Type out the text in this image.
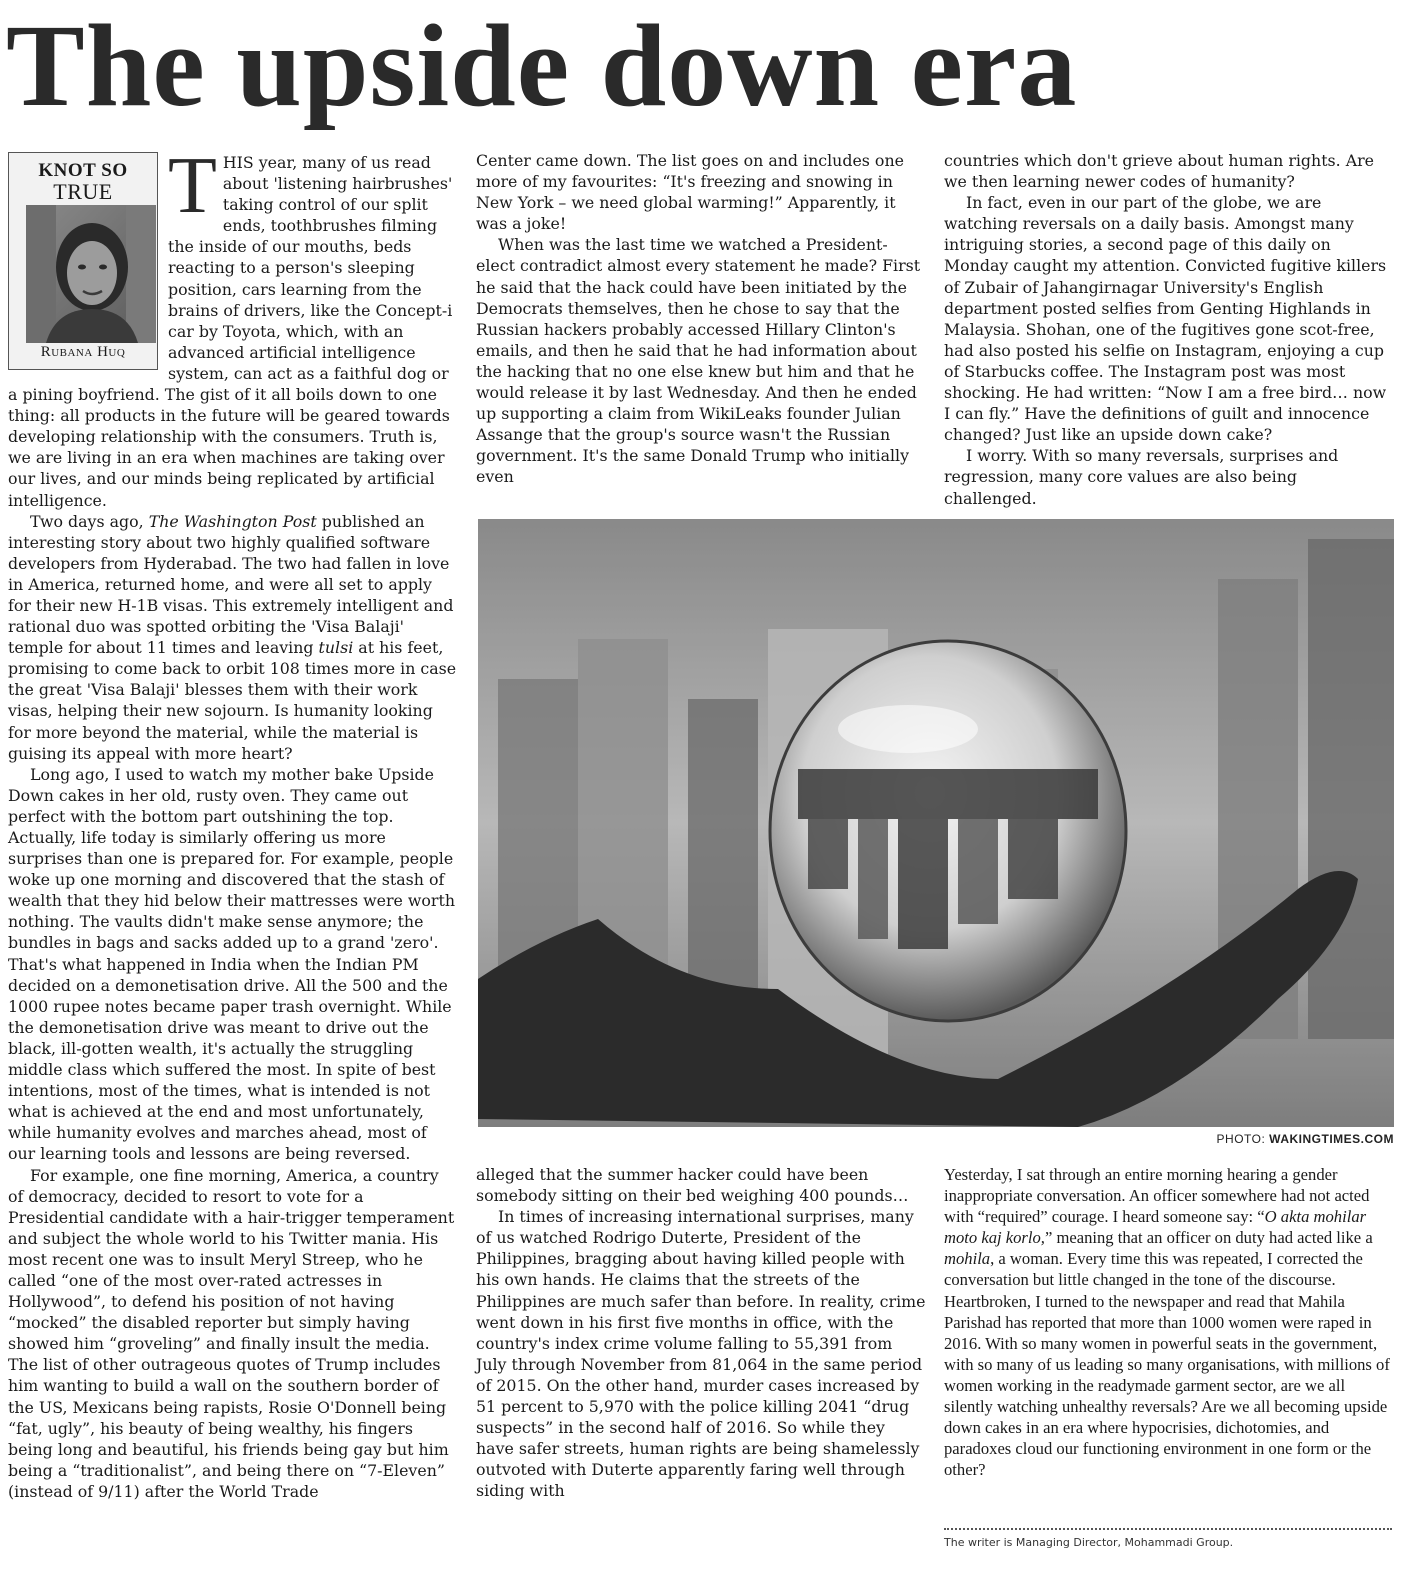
The upside down era
KNOT SO
TRUE
Rubana Huq
T HIS year, many of us read about 'listening hairbrushes' taking control of our split ends, toothbrushes filming the inside of our mouths, beds reacting to a person's sleeping position, cars learning from the brains of drivers, like the Concept-i car by Toyota, which, with an advanced artificial intelligence system, can act as a faithful dog or a pining boyfriend. The gist of it all boils down to one thing: all products in the future will be geared towards developing relationship with the consumers. Truth is, we are living in an era when machines are taking over our lives, and our minds being replicated by artificial intelligence.

Two days ago, The Washington Post published an interesting story about two highly qualified software developers from Hyderabad. The two had fallen in love in America, returned home, and were all set to apply for their new H-1B visas. This extremely intelligent and rational duo was spotted orbiting the 'Visa Balaji' temple for about 11 times and leaving tulsi at his feet, promising to come back to orbit 108 times more in case the great 'Visa Balaji' blesses them with their work visas, helping their new sojourn. Is humanity looking for more beyond the material, while the material is guising its appeal with more heart?

Long ago, I used to watch my mother bake Upside Down cakes in her old, rusty oven. They came out perfect with the bottom part outshining the top. Actually, life today is similarly offering us more surprises than one is prepared for. For example, people woke up one morning and discovered that the stash of wealth that they hid below their mattresses were worth nothing. The vaults didn't make sense anymore; the bundles in bags and sacks added up to a grand 'zero'. That's what happened in India when the Indian PM decided on a demonetisation drive. All the 500 and the 1000 rupee notes became paper trash overnight. While the demonetisation drive was meant to drive out the black, ill-gotten wealth, it's actually the struggling middle class which suffered the most. In spite of best intentions, most of the times, what is intended is not what is achieved at the end and most unfortunately, while humanity evolves and marches ahead, most of our learning tools and lessons are being reversed.

For example, one fine morning, America, a country of democracy, decided to resort to vote for a Presidential candidate with a hair-trigger temperament and subject the whole world to his Twitter mania. His most recent one was to insult Meryl Streep, who he called “one of the most over-rated actresses in Hollywood”, to defend his position of not having “mocked” the disabled reporter but simply having showed him “groveling” and finally insult the media. The list of other outrageous quotes of Trump includes him wanting to build a wall on the southern border of the US, Mexicans being rapists, Rosie O'Donnell being “fat, ugly”, his beauty of being wealthy, his fingers being long and beautiful, his friends being gay but him being a “traditionalist”, and being there on “7-Eleven” (instead of 9/11) after the World Trade

Center came down. The list goes on and includes one more of my favourites: “It's freezing and snowing in New York – we need global warming!” Apparently, it was a joke!

When was the last time we watched a President-elect contradict almost every statement he made? First he said that the hack could have been initiated by the Democrats themselves, then he chose to say that the Russian hackers probably accessed Hillary Clinton's emails, and then he said that he had information about the hacking that no one else knew but him and that he would release it by last Wednesday. And then he ended up supporting a claim from WikiLeaks founder Julian Assange that the group's source wasn't the Russian government. It's the same Donald Trump who initially even

countries which don't grieve about human rights. Are we then learning newer codes of humanity?

In fact, even in our part of the globe, we are watching reversals on a daily basis. Amongst many intriguing stories, a second page of this daily on Monday caught my attention. Convicted fugitive killers of Zubair of Jahangirnagar University's English department posted selfies from Genting Highlands in Malaysia. Shohan, one of the fugitives gone scot-free, had also posted his selfie on Instagram, enjoying a cup of Starbucks coffee. The Instagram post was most shocking. He had written: “Now I am a free bird… now I can fly.” Have the definitions of guilt and innocence changed? Just like an upside down cake?

I worry. With so many reversals, surprises and regression, many core values are also being challenged.

PHOTO: WAKINGTIMES.COM

alleged that the summer hacker could have been somebody sitting on their bed weighing 400 pounds…

In times of increasing international surprises, many of us watched Rodrigo Duterte, President of the Philippines, bragging about having killed people with his own hands. He claims that the streets of the Philippines are much safer than before. In reality, crime went down in his first five months in office, with the country's index crime volume falling to 55,391 from July through November from 81,064 in the same period of 2015. On the other hand, murder cases increased by 51 percent to 5,970 with the police killing 2041 “drug suspects” in the second half of 2016. So while they have safer streets, human rights are being shamelessly outvoted with Duterte apparently faring well through siding with

Yesterday, I sat through an entire morning hearing a gender inappropriate conversation. An officer somewhere had not acted with “required” courage. I heard someone say: “O akta mohilar moto kaj korlo,” meaning that an officer on duty had acted like a mohila, a woman. Every time this was repeated, I corrected the conversation but little changed in the tone of the discourse. Heartbroken, I turned to the newspaper and read that Mahila Parishad has reported that more than 1000 women were raped in 2016. With so many women in powerful seats in the government, with so many of us leading so many organisations, with millions of women working in the readymade garment sector, are we all silently watching unhealthy reversals? Are we all becoming upside down cakes in an era where hypocrisies, dichotomies, and paradoxes cloud our functioning environment in one form or the other?

The writer is Managing Director, Mohammadi Group.
